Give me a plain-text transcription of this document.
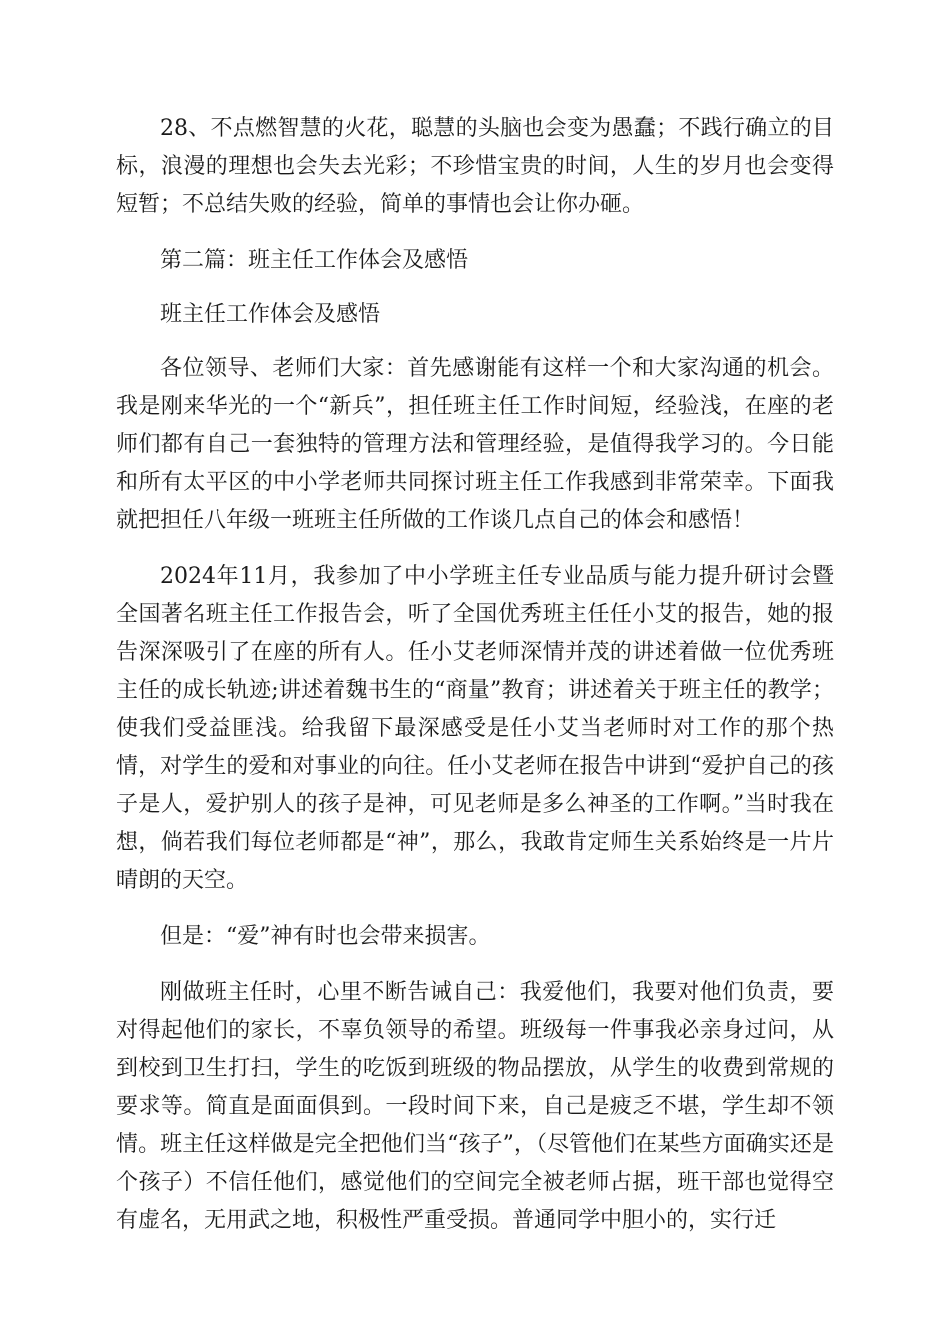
28、不点燃智慧的火花，聪慧的头脑也会变为愚蠢；不践行确立的目标，浪漫的理想也会失去光彩；不珍惜宝贵的时间，人生的岁月也会变得短暂；不总结失败的经验，简单的事情也会让你办砸。

第二篇：班主任工作体会及感悟

班主任工作体会及感悟

各位领导、老师们大家：首先感谢能有这样一个和大家沟通的机会。我是刚来华光的一个“新兵”，担任班主任工作时间短，经验浅，在座的老师们都有自己一套独特的管理方法和管理经验，是值得我学习的。今日能和所有太平区的中小学老师共同探讨班主任工作我感到非常荣幸。下面我就把担任八年级一班班主任所做的工作谈几点自己的体会和感悟！

2024年11月，我参加了中小学班主任专业品质与能力提升研讨会暨全国著名班主任工作报告会，听了全国优秀班主任任小艾的报告，她的报告深深吸引了在座的所有人。任小艾老师深情并茂的讲述着做一位优秀班主任的成长轨迹;讲述着魏书生的“商量”教育；讲述着关于班主任的教学；使我们受益匪浅。给我留下最深感受是任小艾当老师时对工作的那个热情，对学生的爱和对事业的向往。任小艾老师在报告中讲到“爱护自己的孩子是人，爱护别人的孩子是神，可见老师是多么神圣的工作啊。”当时我在想，倘若我们每位老师都是“神”，那么，我敢肯定师生关系始终是一片片晴朗的天空。

但是：“爱”神有时也会带来损害。

刚做班主任时，心里不断告诫自己：我爱他们，我要对他们负责，要对得起他们的家长，不辜负领导的希望。班级每一件事我必亲身过问，从到校到卫生打扫，学生的吃饭到班级的物品摆放，从学生的收费到常规的要求等。简直是面面俱到。一段时间下来，自己是疲乏不堪，学生却不领情。班主任这样做是完全把他们当“孩子”，（尽管他们在某些方面确实还是个孩子）不信任他们，感觉他们的空间完全被老师占据，班干部也觉得空有虚名，无用武之地，积极性严重受损。普通同学中胆小的，实行迁
